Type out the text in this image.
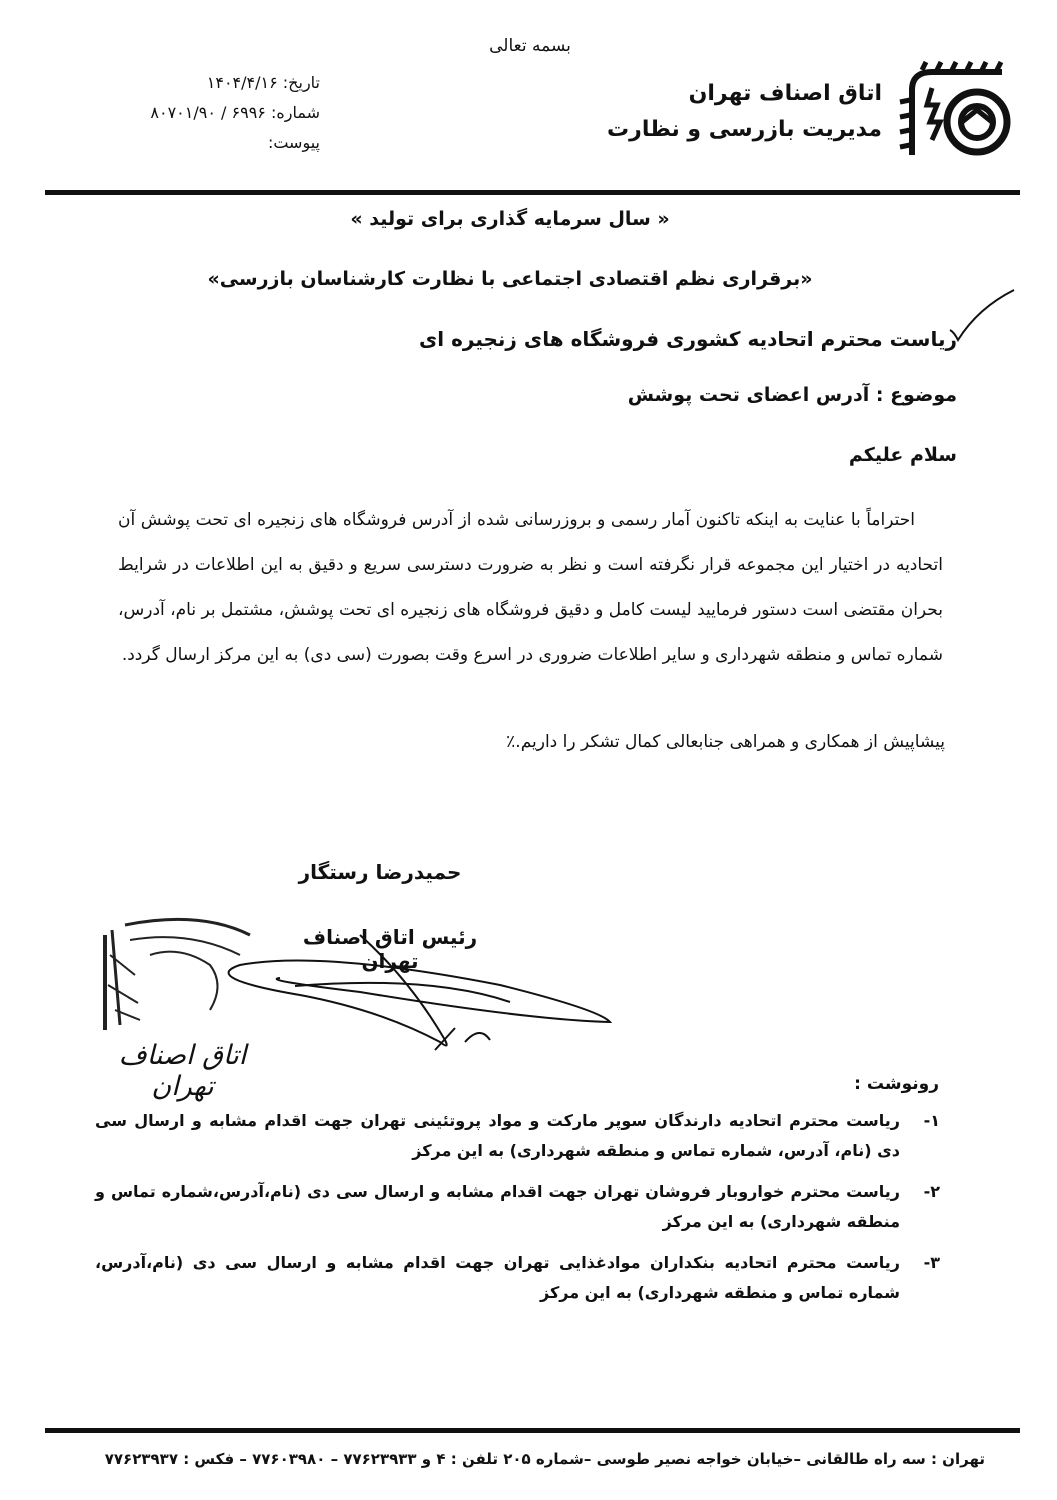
بسمه تعالی
اتاق اصناف تهران
مدیریت بازرسی و نظارت
تاریخ: ۱۴۰۴/۴/۱۶
شماره: ۶۹۹۶ / ۸۰۷۰۱/۹۰
پیوست:
« سال سرمایه گذاری برای تولید »
«برقراری نظم اقتصادی اجتماعی با نظارت کارشناسان بازرسی»
ریاست محترم اتحادیه کشوری فروشگاه های زنجیره ای
موضوع : آدرس اعضای تحت پوشش
سلام علیکم

احتراماً با عنایت به اینکه تاکنون آمار رسمی و بروزرسانی شده از آدرس فروشگاه های زنجیره ای تحت پوشش آن اتحادیه در اختیار این مجموعه قرار نگرفته است و نظر به ضرورت دسترسی سریع و دقیق به این اطلاعات در شرایط بحران مقتضی است دستور فرمایید لیست کامل و دقیق فروشگاه های زنجیره ای تحت پوشش، مشتمل بر نام، آدرس، شماره تماس و منطقه شهرداری و سایر اطلاعات ضروری در اسرع وقت بصورت (سی دی) به این مرکز ارسال گردد.

پیشاپیش از همکاری و همراهی جنابعالی کمال تشکر را داریم.٪
حمیدرضا رستگار
رئیس اتاق اصناف تهران
اتاق اصناف تهران	رونوشت :
۱-
ریاست محترم اتحادیه دارندگان سوپر مارکت و مواد پروتئینی تهران جهت اقدام مشابه و ارسال سی دی (نام، آدرس، شماره تماس و منطقه شهرداری) به این مرکز
۲-
ریاست محترم خواروبار فروشان تهران جهت اقدام مشابه و ارسال سی دی (نام،آدرس،شماره تماس و منطقه شهرداری) به این مرکز
۳-
ریاست محترم اتحادیه بنکداران موادغذایی تهران جهت اقدام مشابه و ارسال سی دی (نام،آدرس، شماره تماس و منطقه شهرداری) به این مرکز
تهران : سه راه طالقانی –خیابان خواجه نصیر طوسی –شماره ۲۰۵ تلفن : ۴ و ۷۷۶۲۳۹۳۳ – ۷۷۶۰۳۹۸۰ – فکس : ۷۷۶۲۳۹۳۷
